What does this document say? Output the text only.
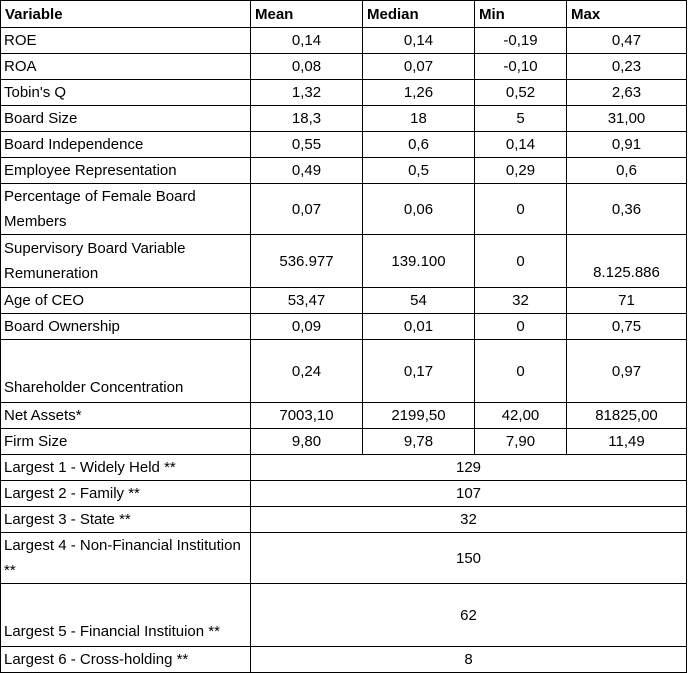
Variable	Mean	Median	Min	Max
ROE	0,14	0,14	-0,19	0,47
ROA	0,08	0,07	-0,10	0,23
Tobin's Q	1,32	1,26	0,52	2,63
Board Size	18,3	18	5	31,00
Board Independence	0,55	0,6	0,14	0,91
Employee Representation	0,49	0,5	0,29	0,6
Percentage of Female Board Members	0,07	0,06	0	0,36
Supervisory Board Variable Remuneration	536.977	139.100	0	8.125.886
Age of CEO	53,47	54	32	71
Board Ownership	0,09	0,01	0	0,75
Shareholder Concentration	0,24	0,17	0	0,97
Net Assets*	7003,10	2199,50	42,00	81825,00
Firm Size	9,80	9,78	7,90	11,49
Largest 1 - Widely Held **	129			
Largest 2 - Family **	107			
Largest 3 - State **	32			
Largest 4 - Non-Financial Institution **	150			
Largest 5 - Financial Instituion **	62			
Largest 6 - Cross-holding **	8			
